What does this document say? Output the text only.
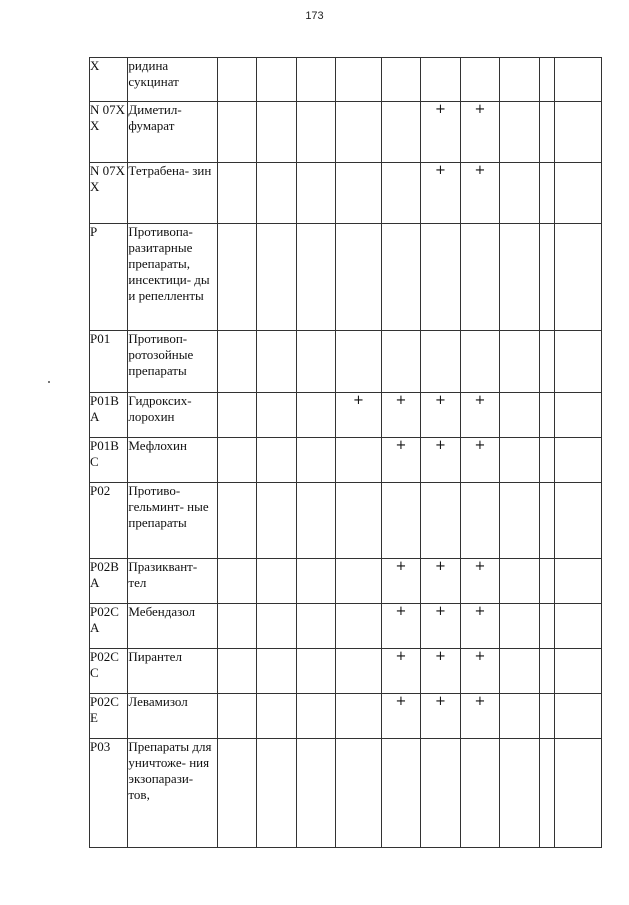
173
X	ридина сукцинат										
N 07X X	Диметил- фумарат						+	+			
N 07X X	Тетрабена- зин						+	+			
P	Противопа- разитарные препараты, инсектици- ды и репелленты										
P01	Противоп- ротозойные препараты										
P01B A	Гидроксих- лорохин				+	+	+	+			
P01B C	Мефлохин					+	+	+			
P02	Противо- гельминт- ные препараты										
P02B A	Празиквант- тел					+	+	+			
P02C A	Мебендазол					+	+	+			
P02C C	Пирантел					+	+	+			
P02C E	Левамизол					+	+	+			
P03	Препараты для уничтоже- ния экзопарази- тов,										
